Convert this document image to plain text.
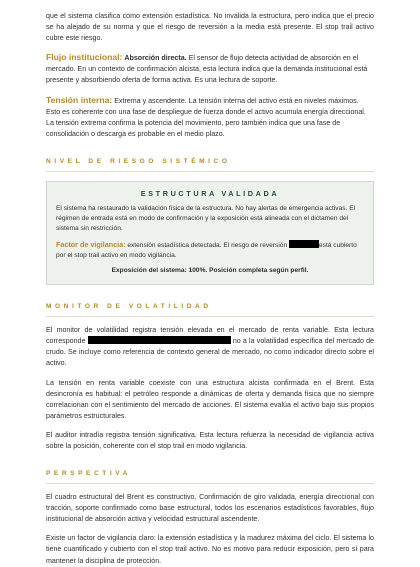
que el sistema clasifica como extensión estadística. No invalida la estructura, pero indica que el precio se ha alejado de su norma y que el riesgo de reversión a la media está presente. El stop trail activo cubre este riesgo.

Flujo institucional: Absorción directa. El sensor de flujo detecta actividad de absorción en el mercado. En un contexto de confirmación alcista, esta lectura indica que la demanda institucional está presente y absorbiendo oferta de forma activa. Es una lectura de soporte.

Tensión interna: Extrema y ascendente. La tensión interna del activo está en niveles máximos. Esto es coherente con una fase de despliegue de fuerza donde el activo acumula energía direccional. La tensión extrema confirma la potencia del movimiento, pero también indica que una fase de consolidación o descarga es probable en el medio plazo.

NIVEL DE RIESGO SISTÉMICO
ESTRUCTURA VALIDADA

El sistema ha restaurado la validación física de la estructura. No hay alertas de emergencia activas. El régimen de entrada está en modo de confirmación y la exposición está alineada con el dictamen del sistema sin restricción.

Factor de vigilancia: extensión estadística detectada. El riesgo de reversión	está cubierto por el stop trail activo en modo vigilancia.

Exposición del sistema: 100%. Posición completa según perfil.

MONITOR DE VOLATILIDAD

El monitor de volatilidad registra tensión elevada en el mercado de renta variable. Esta lectura corresponde	no a la volatilidad específica del mercado de crudo. Se incluye como referencia de contexto general de mercado, no como indicador directo sobre el activo.

La tensión en renta variable coexiste con una estructura alcista confirmada en el Brent. Esta desincronía es habitual: el petróleo responde a dinámicas de oferta y demanda física que no siempre correlacionan con el sentimiento del mercado de acciones. El sistema evalúa el activo bajo sus propios parámetros estructurales.

El auditor intradía registra tensión significativa. Esta lectura refuerza la necesidad de vigilancia activa sobre la posición, coherente con el stop trail en modo vigilancia.

PERSPECTIVA

El cuadro estructural del Brent es constructivo. Confirmación de giro validada, energía direccional con tracción, soporte confirmado como base estructural, todos los escenarios estadísticos favorables, flujo institucional de absorción activa y velocidad estructural ascendente.

Existe un factor de vigilancia claro: la extensión estadística y la madurez máxima del ciclo. El sistema lo tiene cuantificado y cubierto con el stop trail activo. No es motivo para reducir exposición, pero sí para mantener la disciplina de protección.
